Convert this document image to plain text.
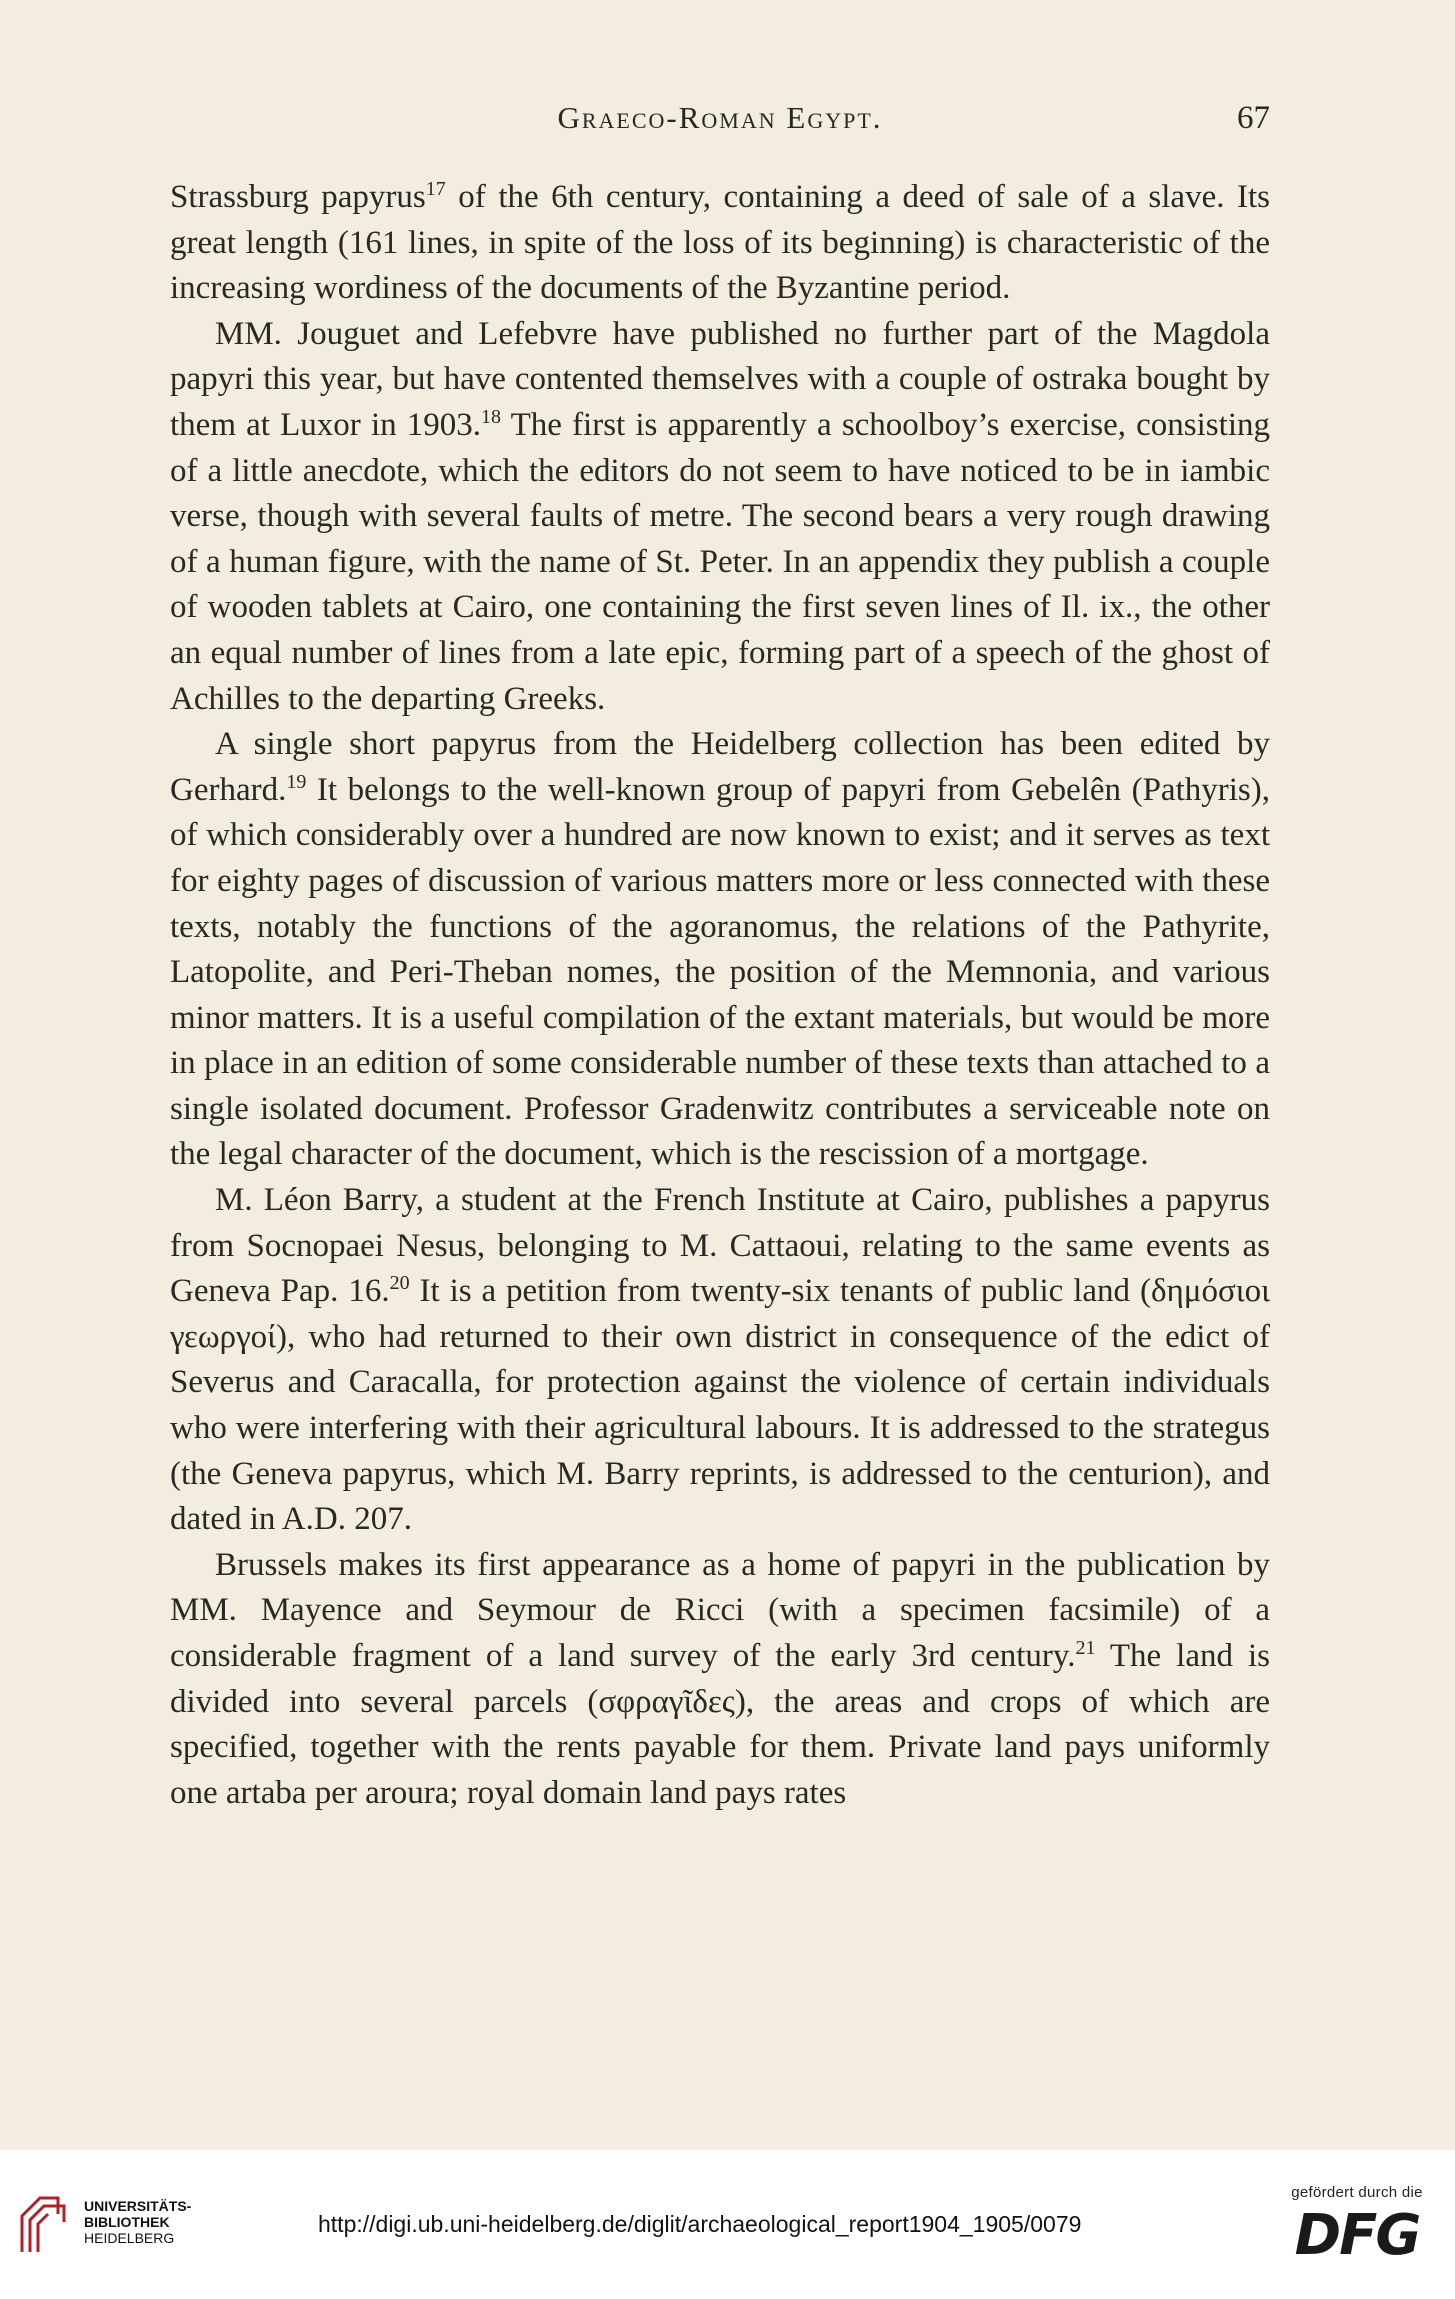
Graeco-Roman Egypt.	67

Strassburg papyrus$^{17}$ of the 6th century, containing a deed of sale of a slave. Its great length (161 lines, in spite of the loss of its beginning) is characteristic of the increasing wordiness of the documents of the Byzantine period.

MM. Jouguet and Lefebvre have published no further part of the Magdola papyri this year, but have contented themselves with a couple of ostraka bought by them at Luxor in 1903.18 The first is apparently a schoolboy’s exercise, consisting of a little anecdote, which the editors do not seem to have noticed to be in iambic verse, though with several faults of metre. The second bears a very rough drawing of a human figure, with the name of St. Peter. In an appendix they publish a couple of wooden tablets at Cairo, one containing the first seven lines of Il. ix., the other an equal number of lines from a late epic, forming part of a speech of the ghost of Achilles to the departing Greeks.

A single short papyrus from the Heidelberg collection has been edited by Gerhard.$^{19}$ It belongs to the well-known group of papyri from Gebelên (Pathyris), of which considerably over a hundred are now known to exist; and it serves as text for eighty pages of discussion of various matters more or less connected with these texts, notably the functions of the agoranomus, the relations of the Pathyrite, Latopolite, and Peri-Theban nomes, the position of the Memnonia, and various minor matters. It is a useful compilation of the extant materials, but would be more in place in an edition of some considerable number of these texts than attached to a single isolated document. Professor Gradenwitz contributes a serviceable note on the legal character of the document, which is the rescission of a mortgage.

M. Léon Barry, a student at the French Institute at Cairo, publishes a papyrus from Socnopaei Nesus, belonging to M. Cattaoui, relating to the same events as Geneva Pap. 16.20 It is a petition from twenty-six tenants of public land (δημόσιοι γεωργοί), who had returned to their own district in consequence of the edict of Severus and Caracalla, for protection against the violence of certain individuals who were interfering with their agricultural labours. It is addressed to the strategus (the Geneva papyrus, which M. Barry reprints, is addressed to the centurion), and dated in A.D. 207.

Brussels makes its first appearance as a home of papyri in the publication by MM. Mayence and Seymour de Ricci (with a specimen facsimile) of a considerable fragment of a land survey of the early 3rd century.$^{21}$ The land is divided into several parcels (σφραγῖδες), the areas and crops of which are specified, together with the rents payable for them. Private land pays uniformly one artaba per aroura; royal domain land pays rates

UNIVERSITÄTS-
BIBLIOTHEK
HEIDELBERG
http://digi.ub.uni-heidelberg.de/diglit/archaeological_report1904_1905/0079
gefördert durch die
DFG
